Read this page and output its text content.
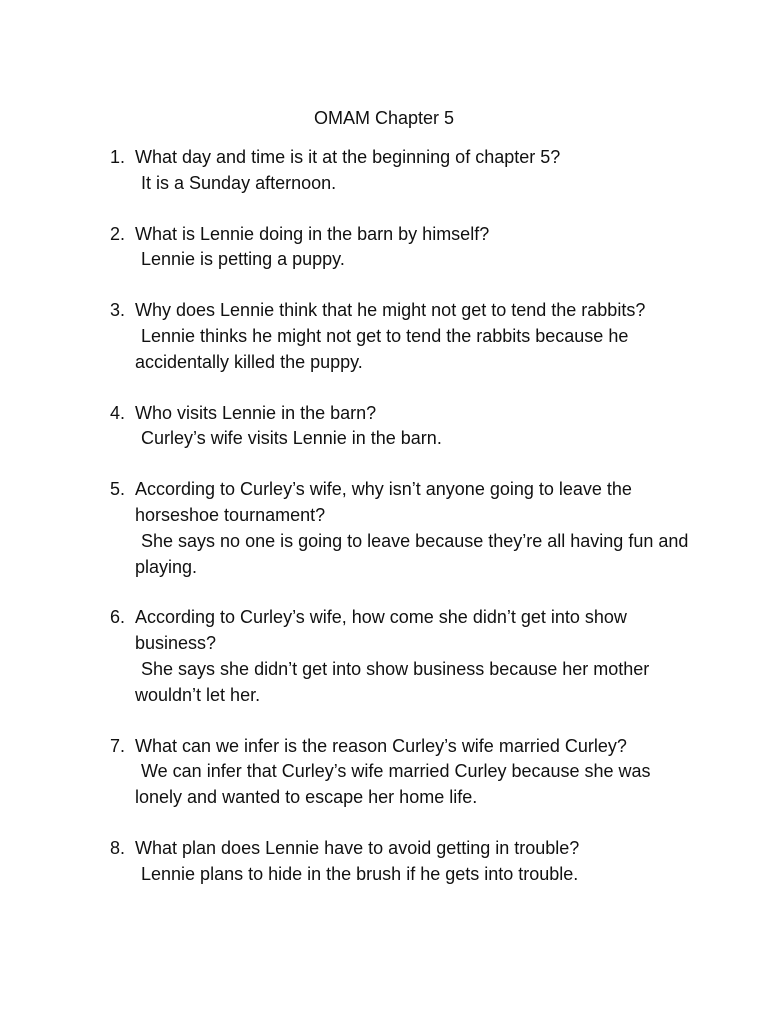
OMAM Chapter 5
1. What day and time is it at the beginning of chapter 5?
It is a Sunday afternoon.
2. What is Lennie doing in the barn by himself?
Lennie is petting a puppy.
3. Why does Lennie think that he might not get to tend the rabbits?
Lennie thinks he might not get to tend the rabbits because he accidentally killed the puppy.
4. Who visits Lennie in the barn?
Curley’s wife visits Lennie in the barn.
5. According to Curley’s wife, why isn’t anyone going to leave the horseshoe tournament?
She says no one is going to leave because they’re all having fun and playing.
6. According to Curley’s wife, how come she didn’t get into show business?
She says she didn’t get into show business because her mother wouldn’t let her.
7. What can we infer is the reason Curley’s wife married Curley?
We can infer that Curley’s wife married Curley because she was lonely and wanted to escape her home life.
8. What plan does Lennie have to avoid getting in trouble?
Lennie plans to hide in the brush if he gets into trouble.
